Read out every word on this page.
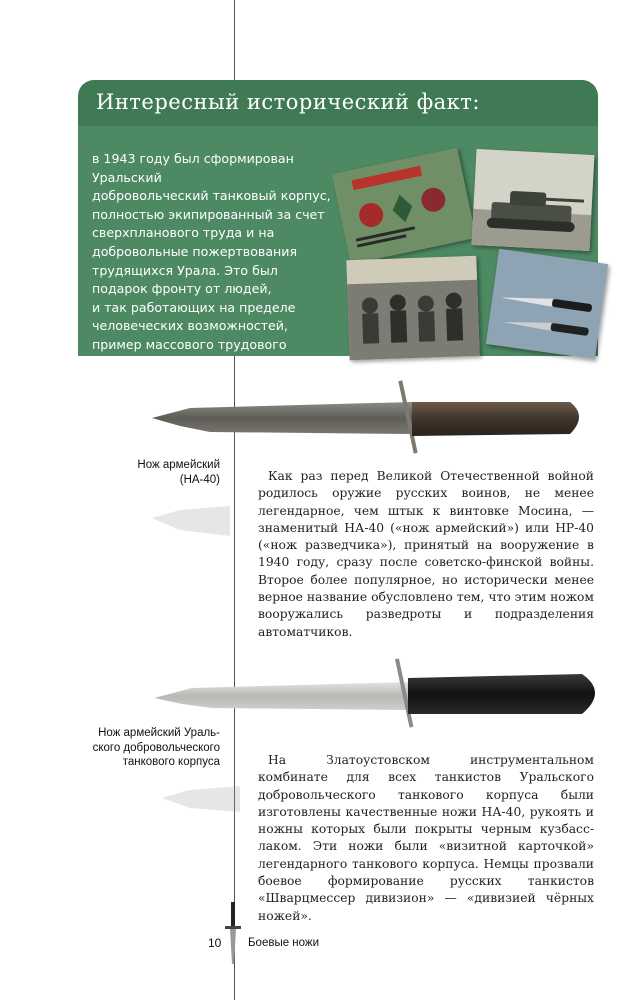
Интересный исторический факт:

в 1943 году был сформирован Уральский
добровольческий танковый корпус,
полностью экипированный за счет
сверхпланового труда и на
добровольные пожертвования
трудящихся Урала. Это был
подарок фронту от людей,
и так работающих на пределе
человеческих возможностей,
пример массового трудового
героизма рабочих.

Нож армейский
(НА-40)	Как раз перед Великой Отечественной войной родилось оружие русских воинов, не менее легендарное, чем штык к винтовке Мосина, — знаменитый НА-40 («нож армейский») или НР-40 («нож разведчика»), принятый на вооружение в 1940 году, сразу после советско-финской войны. Второе более популярное, но исторически менее верное название обусловлено тем, что этим ножом вооружались разведроты и подразделения автоматчиков.

Нож армейский Ураль-
ского добровольческого
танкового корпуса	На Златоустовском инструментальном комбинате для всех танкистов Уральского добровольческого танкового корпуса были изготовлены качественные ножи НА-40, рукоять и ножны которых были покрыты черным кузбасс-лаком. Эти ножи были «визитной карточкой» легендарного танкового корпуса. Немцы прозвали боевое формирование русских танкистов «Шварцмессер дивизион» — «дивизией чёрных ножей».

10 Боевые ножи
